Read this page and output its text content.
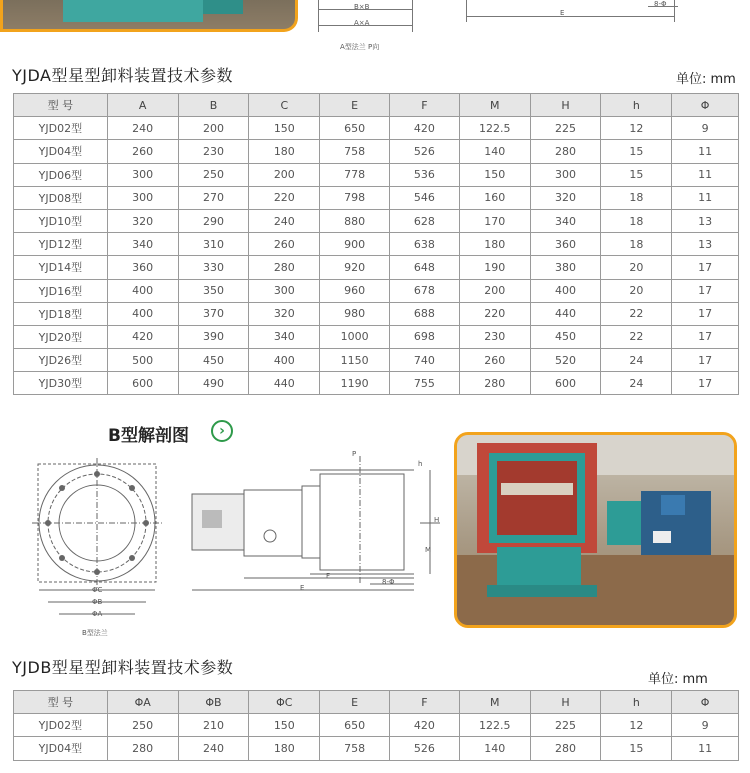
B×B
A×A
A型法兰 P向
E
8-Φ
YJDA型星型卸料装置技术参数	单位: mm
型 号	A	B	C	E	F	M	H	h	Φ
YJD02型	240	200	150	650	420	122.5	225	12	9
YJD04型	260	230	180	758	526	140	280	15	11
YJD06型	300	250	200	778	536	150	300	15	11
YJD08型	300	270	220	798	546	160	320	18	11
YJD10型	320	290	240	880	628	170	340	18	13
YJD12型	340	310	260	900	638	180	360	18	13
YJD14型	360	330	280	920	648	190	380	20	17
YJD16型	400	350	300	960	678	200	400	20	17
YJD18型	400	370	320	980	688	220	440	22	17
YJD20型	420	390	340	1000	698	230	450	22	17
YJD26型	500	450	400	1150	740	260	520	24	17
YJD30型	600	490	440	1190	755	280	600	24	17
B型解剖图	›
ΦC
ΦB
ΦA
B型法兰
P
F
E
8-Φ
h
H
M
YJDB型星型卸料装置技术参数
单位: mm
型 号	ΦA	ΦB	ΦC	E	F	M	H	h	Φ
YJD02型	250	210	150	650	420	122.5	225	12	9
YJD04型	280	240	180	758	526	140	280	15	11
